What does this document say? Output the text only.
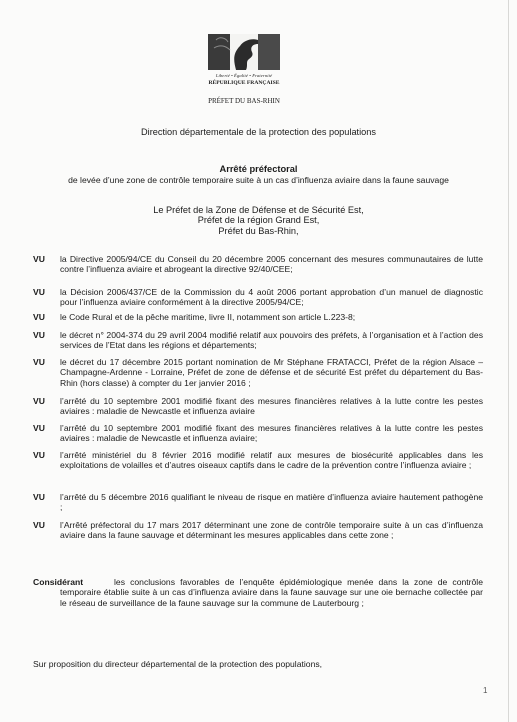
Liberté • Égalité • Fraternité
RÉPUBLIQUE FRANÇAISE
PRÉFET DU BAS-RHIN
Direction départementale de la protection des populations
Arrêté préfectoral
de levée d’une zone de contrôle temporaire suite à un cas d’influenza aviaire dans la faune sauvage
Le Préfet de la Zone de Défense et de Sécurité Est,
Préfet de la région Grand Est,
Préfet du Bas-Rhin,
VU la Directive 2005/94/CE du Conseil du 20 décembre 2005 concernant des mesures communautaires de lutte contre l’influenza aviaire et abrogeant la directive 92/40/CEE;
VU la Décision 2006/437/CE de la Commission du 4 août 2006 portant approbation d’un manuel de diagnostic pour l’influenza aviaire conformément à la directive 2005/94/CE;
VU le Code Rural et de la pêche maritime, livre II, notamment son article L.223-8;
VU le décret n° 2004-374 du 29 avril 2004 modifié relatif aux pouvoirs des préfets, à l’organisation et à l’action des services de l’Etat dans les régions et départements;
VU le décret du 17 décembre 2015 portant nomination de Mr Stéphane FRATACCI, Préfet de la région Alsace – Champagne-Ardenne - Lorraine, Préfet de zone de défense et de sécurité Est préfet du département du Bas-Rhin (hors classe) à compter du 1er janvier 2016 ;
VU l’arrêté du 10 septembre 2001 modifié fixant des mesures financières relatives à la lutte contre les pestes aviaires : maladie de Newcastle et influenza aviaire
VU l’arrêté du 10 septembre 2001 modifié fixant des mesures financières relatives à la lutte contre les pestes aviaires : maladie de Newcastle et influenza aviaire;
VU l’arrêté ministériel du 8 février 2016 modifié relatif aux mesures de biosécurité applicables dans les exploitations de volailles et d’autres oiseaux captifs dans le cadre de la prévention contre l’influenza aviaire ;
VU l’arrêté du 5 décembre 2016 qualifiant le niveau de risque en matière d’influenza aviaire hautement pathogène ;
VU l’Arrêté préfectoral du 17 mars 2017 déterminant une zone de contrôle temporaire suite à un cas d’influenza aviaire dans la faune sauvage et déterminant les mesures applicables dans cette zone ;
Considérant	les conclusions favorables de l’enquête épidémiologique menée dans la zone de contrôle temporaire établie suite à un cas d’influenza aviaire dans la faune sauvage sur une oie bernache collectée par le réseau de surveillance de la faune sauvage sur la commune de Lauterbourg ;
Sur proposition du directeur départemental de la protection des populations,
1
